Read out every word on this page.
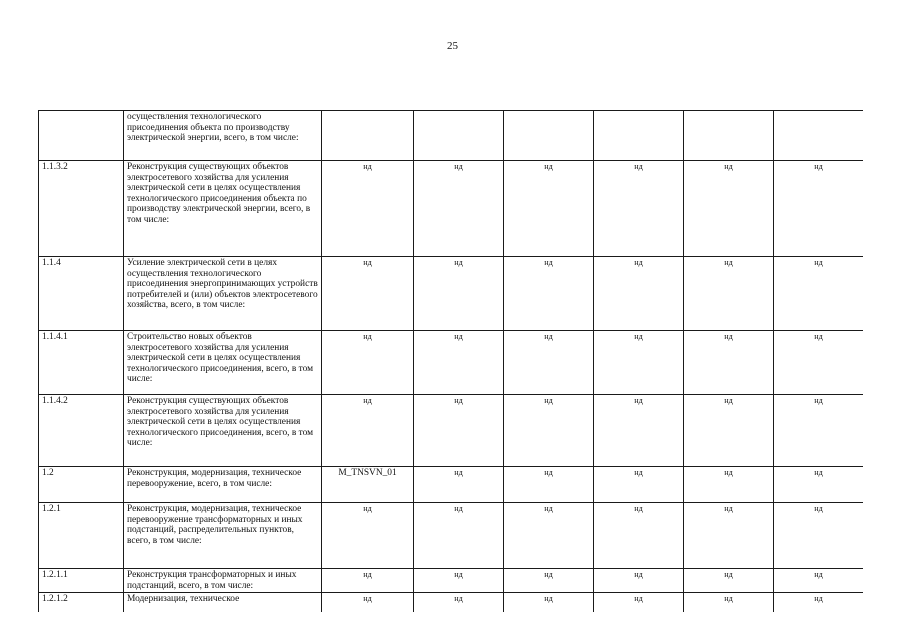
25
	осуществления технологического присоединения объекта по производству электрической энергии, всего, в том числе:						
1.1.3.2	Реконструкция существующих объектов электросетевого хозяйства для усиления электрической сети в целях осуществления технологического присоединения объекта по производству электрической энергии, всего, в том числе:	нд	нд	нд	нд	нд	нд
1.1.4	Усиление электрической сети в целях осуществления технологического присоединения энергопринимающих устройств потребителей и (или) объектов электросетевого хозяйства, всего, в том числе:	нд	нд	нд	нд	нд	нд
1.1.4.1	Строительство новых объектов электросетевого хозяйства для усиления электрической сети в целях осуществления технологического присоединения, всего, в том числе:	нд	нд	нд	нд	нд	нд
1.1.4.2	Реконструкция существующих объектов электросетевого хозяйства для усиления электрической сети в целях осуществления технологического присоединения, всего, в том числе:	нд	нд	нд	нд	нд	нд
1.2	Реконструкция, модернизация, техническое перевооружение, всего, в том числе:	M_TNSVN_01	нд	нд	нд	нд	нд
1.2.1	Реконструкция, модернизация, техническое перевооружение трансформаторных и иных подстанций, распределительных пунктов, всего, в том числе:	нд	нд	нд	нд	нд	нд
1.2.1.1	Реконструкция трансформаторных и иных подстанций, всего, в том числе:	нд	нд	нд	нд	нд	нд
1.2.1.2	Модернизация, техническое	нд	нд	нд	нд	нд	нд
